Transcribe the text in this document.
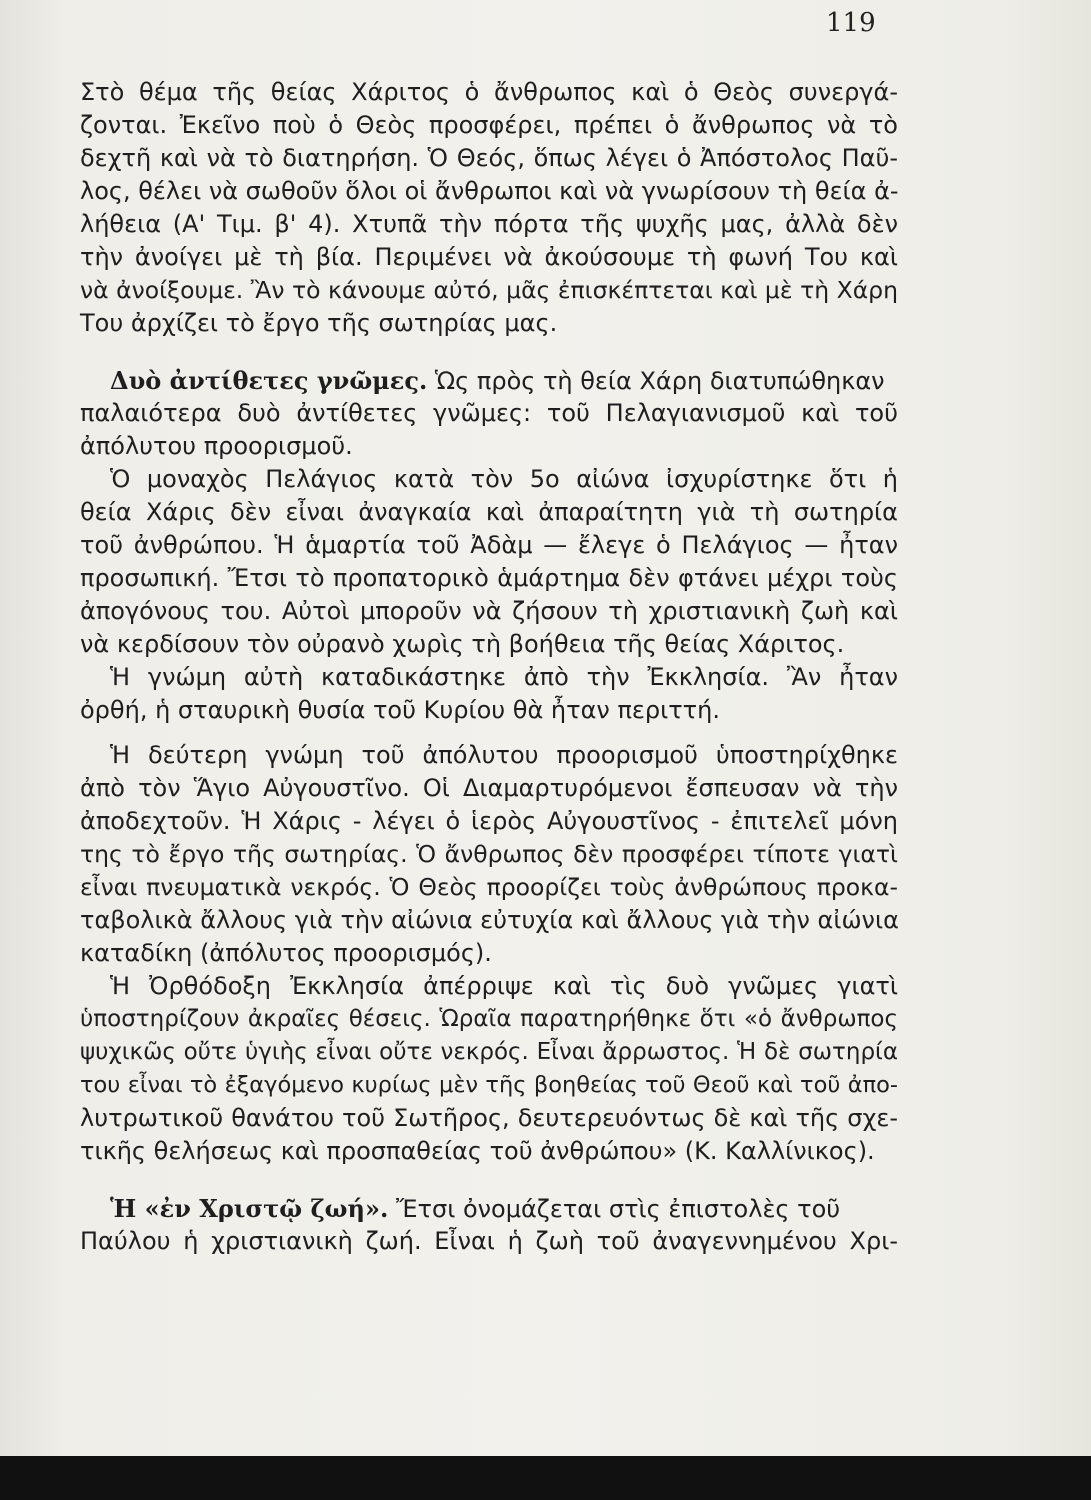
119
Στὸ θέμα τῆς θείας Χάριτος ὁ ἄνθρωπος καὶ ὁ Θεὸς συνεργά-
ζονται. Ἐκεῖνο ποὺ ὁ Θεὸς προσφέρει, πρέπει ὁ ἄνθρωπος νὰ τὸ
δεχτῆ καὶ νὰ τὸ διατηρήση. Ὁ Θεός, ὅπως λέγει ὁ Ἀπόστολος Παῦ-
λος, θέλει νὰ σωθοῦν ὅλοι οἱ ἄνθρωποι καὶ νὰ γνωρίσουν τὴ θεία ἀ-
λήθεια (Α' Τιμ. β' 4). Χτυπᾶ τὴν πόρτα τῆς ψυχῆς μας, ἀλλὰ δὲν
τὴν ἀνοίγει μὲ τὴ βία. Περιμένει νὰ ἀκούσουμε τὴ φωνή Του καὶ
νὰ ἀνοίξουμε. Ἂν τὸ κάνουμε αὐτό, μᾶς ἐπισκέπτεται καὶ μὲ τὴ Χάρη
Του ἀρχίζει τὸ ἔργο τῆς σωτηρίας μας.
Δυὸ ἀντίθετες γνῶμες. Ὡς πρὸς τὴ θεία Χάρη διατυπώθηκαν
παλαιότερα δυὸ ἀντίθετες γνῶμες: τοῦ Πελαγιανισμοῦ καὶ τοῦ
ἀπόλυτου προορισμοῦ.
Ὁ μοναχὸς Πελάγιος κατὰ τὸν 5ο αἰώνα ἰσχυρίστηκε ὅτι ἡ
θεία Χάρις δὲν εἶναι ἀναγκαία καὶ ἀπαραίτητη γιὰ τὴ σωτηρία
τοῦ ἀνθρώπου. Ἡ ἁμαρτία τοῦ Ἀδὰμ — ἔλεγε ὁ Πελάγιος — ἦταν
προσωπική. Ἔτσι τὸ προπατορικὸ ἁμάρτημα δὲν φτάνει μέχρι τοὺς
ἀπογόνους του. Αὐτοὶ μποροῦν νὰ ζήσουν τὴ χριστιανικὴ ζωὴ καὶ
νὰ κερδίσουν τὸν οὐρανὸ χωρὶς τὴ βοήθεια τῆς θείας Χάριτος.
Ἡ γνώμη αὐτὴ καταδικάστηκε ἀπὸ τὴν Ἐκκλησία. Ἂν ἦταν
ὀρθή, ἡ σταυρικὴ θυσία τοῦ Κυρίου θὰ ἦταν περιττή.
Ἡ δεύτερη γνώμη τοῦ ἀπόλυτου προορισμοῦ ὑποστηρίχθηκε
ἀπὸ τὸν Ἅγιο Αὐγουστῖνο. Οἱ Διαμαρτυρόμενοι ἔσπευσαν νὰ τὴν
ἀποδεχτοῦν. Ἡ Χάρις - λέγει ὁ ἱερὸς Αὐγουστῖνος - ἐπιτελεῖ μόνη
της τὸ ἔργο τῆς σωτηρίας. Ὁ ἄνθρωπος δὲν προσφέρει τίποτε γιατὶ
εἶναι πνευματικὰ νεκρός. Ὁ Θεὸς προορίζει τοὺς ἀνθρώπους προκα-
ταβολικὰ ἄλλους γιὰ τὴν αἰώνια εὐτυχία καὶ ἄλλους γιὰ τὴν αἰώνια
καταδίκη (ἀπόλυτος προορισμός).
Ἡ Ὀρθόδοξη Ἐκκλησία ἀπέρριψε καὶ τὶς δυὸ γνῶμες γιατὶ
ὑποστηρίζουν ἀκραῖες θέσεις. Ὡραῖα παρατηρήθηκε ὅτι «ὁ ἄνθρωπος
ψυχικῶς οὔτε ὑγιὴς εἶναι οὔτε νεκρός. Εἶναι ἄρρωστος. Ἡ δὲ σωτηρία
του εἶναι τὸ ἐξαγόμενο κυρίως μὲν τῆς βοηθείας τοῦ Θεοῦ καὶ τοῦ ἀπο-
λυτρωτικοῦ θανάτου τοῦ Σωτῆρος, δευτερευόντως δὲ καὶ τῆς σχε-
τικῆς θελήσεως καὶ προσπαθείας τοῦ ἀνθρώπου» (Κ. Καλλίνικος).
Ἡ «ἐν Χριστῷ ζωή». Ἔτσι ὀνομάζεται στὶς ἐπιστολὲς τοῦ
Παύλου ἡ χριστιανικὴ ζωή. Εἶναι ἡ ζωὴ τοῦ ἀναγεννημένου Χρι-
